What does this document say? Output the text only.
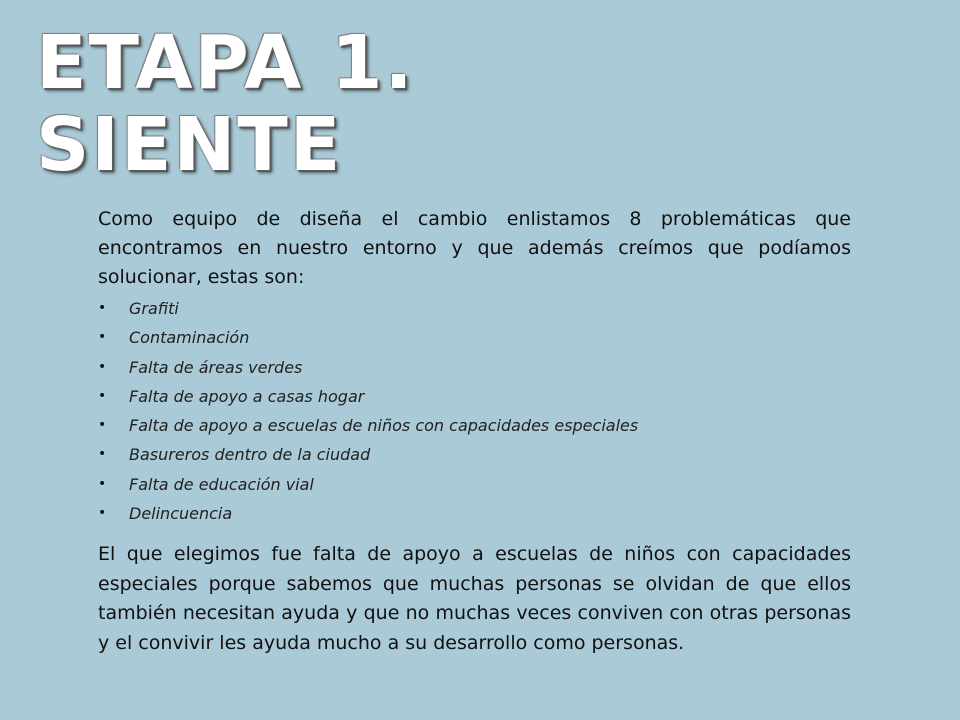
ETAPA 1.
SIENTE

Como equipo de diseña el cambio enlistamos 8 problemáticas que encontramos en nuestro entorno y que además creímos que podíamos solucionar, estas son:

• Grafiti
• Contaminación
• Falta de áreas verdes
• Falta de apoyo a casas hogar
• Falta de apoyo a escuelas de niños con capacidades especiales
• Basureros dentro de la ciudad
• Falta de educación vial
• Delincuencia

El que elegimos fue falta de apoyo a escuelas de niños con capacidades especiales porque sabemos que muchas personas se olvidan de que ellos también necesitan ayuda y que no muchas veces conviven con otras personas y el convivir les ayuda mucho a su desarrollo como personas.
